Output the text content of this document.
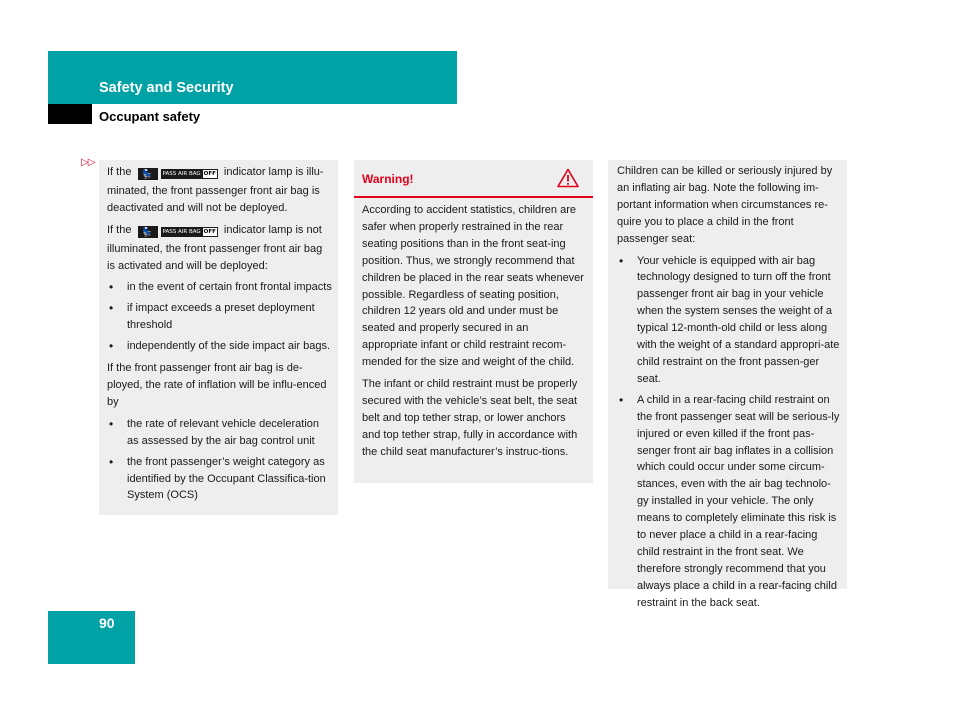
Safety and Security
Occupant safety
▷▷

If the 💺 PASS AIR BAG OFF indicator lamp is illu-minated, the front passenger front air bag is deactivated and will not be deployed.

If the 💺 PASS AIR BAG OFF indicator lamp is not illuminated, the front passenger front air bag is activated and will be deployed:

• in the event of certain front frontal impacts
• if impact exceeds a preset deployment threshold
• independently of the side impact air bags.

If the front passenger front air bag is de-ployed, the rate of inflation will be influ-enced by

• the rate of relevant vehicle deceleration as assessed by the air bag control unit
• the front passenger’s weight category as identified by the Occupant Classifica-tion System (OCS)
Warning!

According to accident statistics, children are safer when properly restrained in the rear seating positions than in the front seat-ing position. Thus, we strongly recommend that children be placed in the rear seats whenever possible. Regardless of seating position, children 12 years old and under must be seated and properly secured in an appropriate infant or child restraint recom-mended for the size and weight of the child.

The infant or child restraint must be properly secured with the vehicle’s seat belt, the seat belt and top tether strap, or lower anchors and top tether strap, fully in accordance with the child seat manufacturer’s instruc-tions.

Children can be killed or seriously injured by an inflating air bag. Note the following im-portant information when circumstances re-quire you to place a child in the front passenger seat:

• Your vehicle is equipped with air bag technology designed to turn off the front passenger front air bag in your vehicle when the system senses the weight of a typical 12-month-old child or less along with the weight of a standard appropri-ate child restraint on the front passen-ger seat.
• A child in a rear-facing child restraint on the front passenger seat will be serious-ly injured or even killed if the front pas-senger front air bag inflates in a collision which could occur under some circum-stances, even with the air bag technolo-gy installed in your vehicle. The only means to completely eliminate this risk is to never place a child in a rear-facing child restraint in the front seat. We therefore strongly recommend that you always place a child in a rear-facing child restraint in the back seat.
90
